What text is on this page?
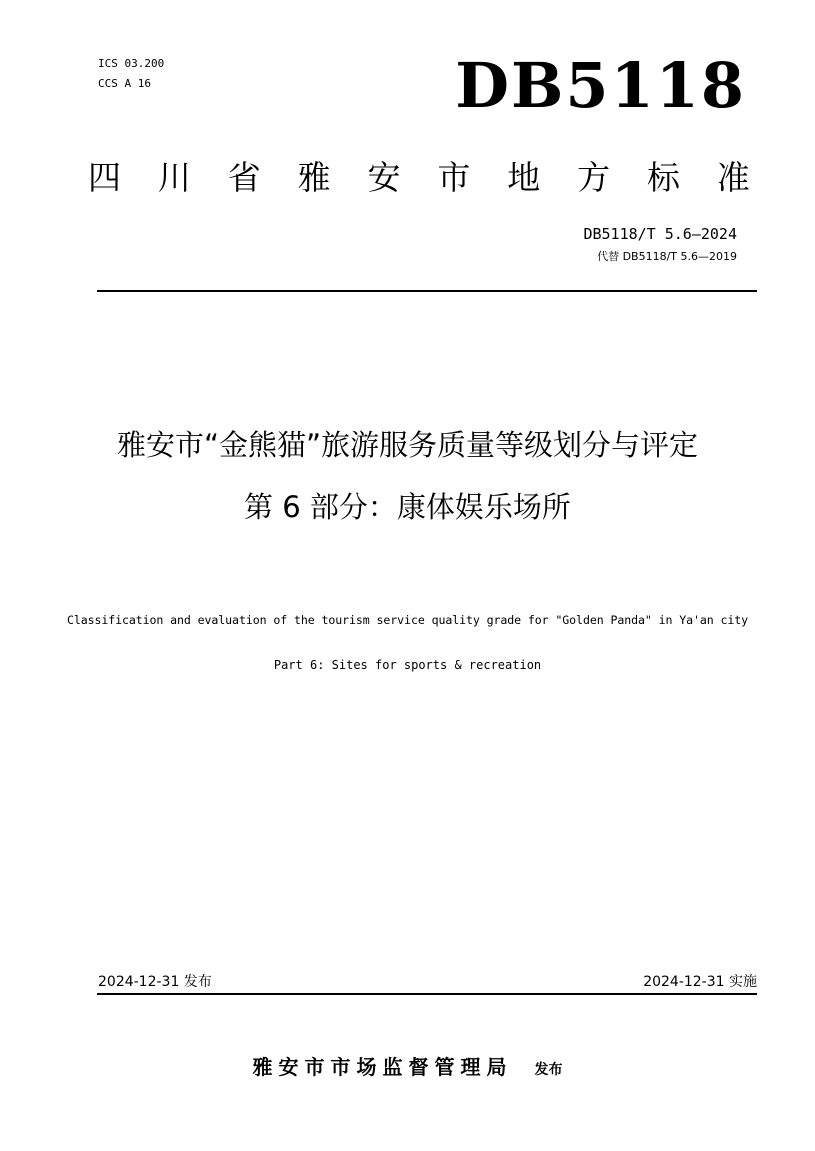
ICS 03.200
CCS A 16	DB5118
四 川 省 雅 安 市 地 方 标 准
DB5118/T 5.6—2024
代替 DB5118/T 5.6—2019
雅安市“金熊猫”旅游服务质量等级划分与评定
第 6 部分：康体娱乐场所
Classification and evaluation of the tourism service quality grade for "Golden Panda" in Ya'an city
Part 6: Sites for sports & recreation
2024-12-31 发布	2024-12-31 实施
雅安市市场监督管理局 发布
